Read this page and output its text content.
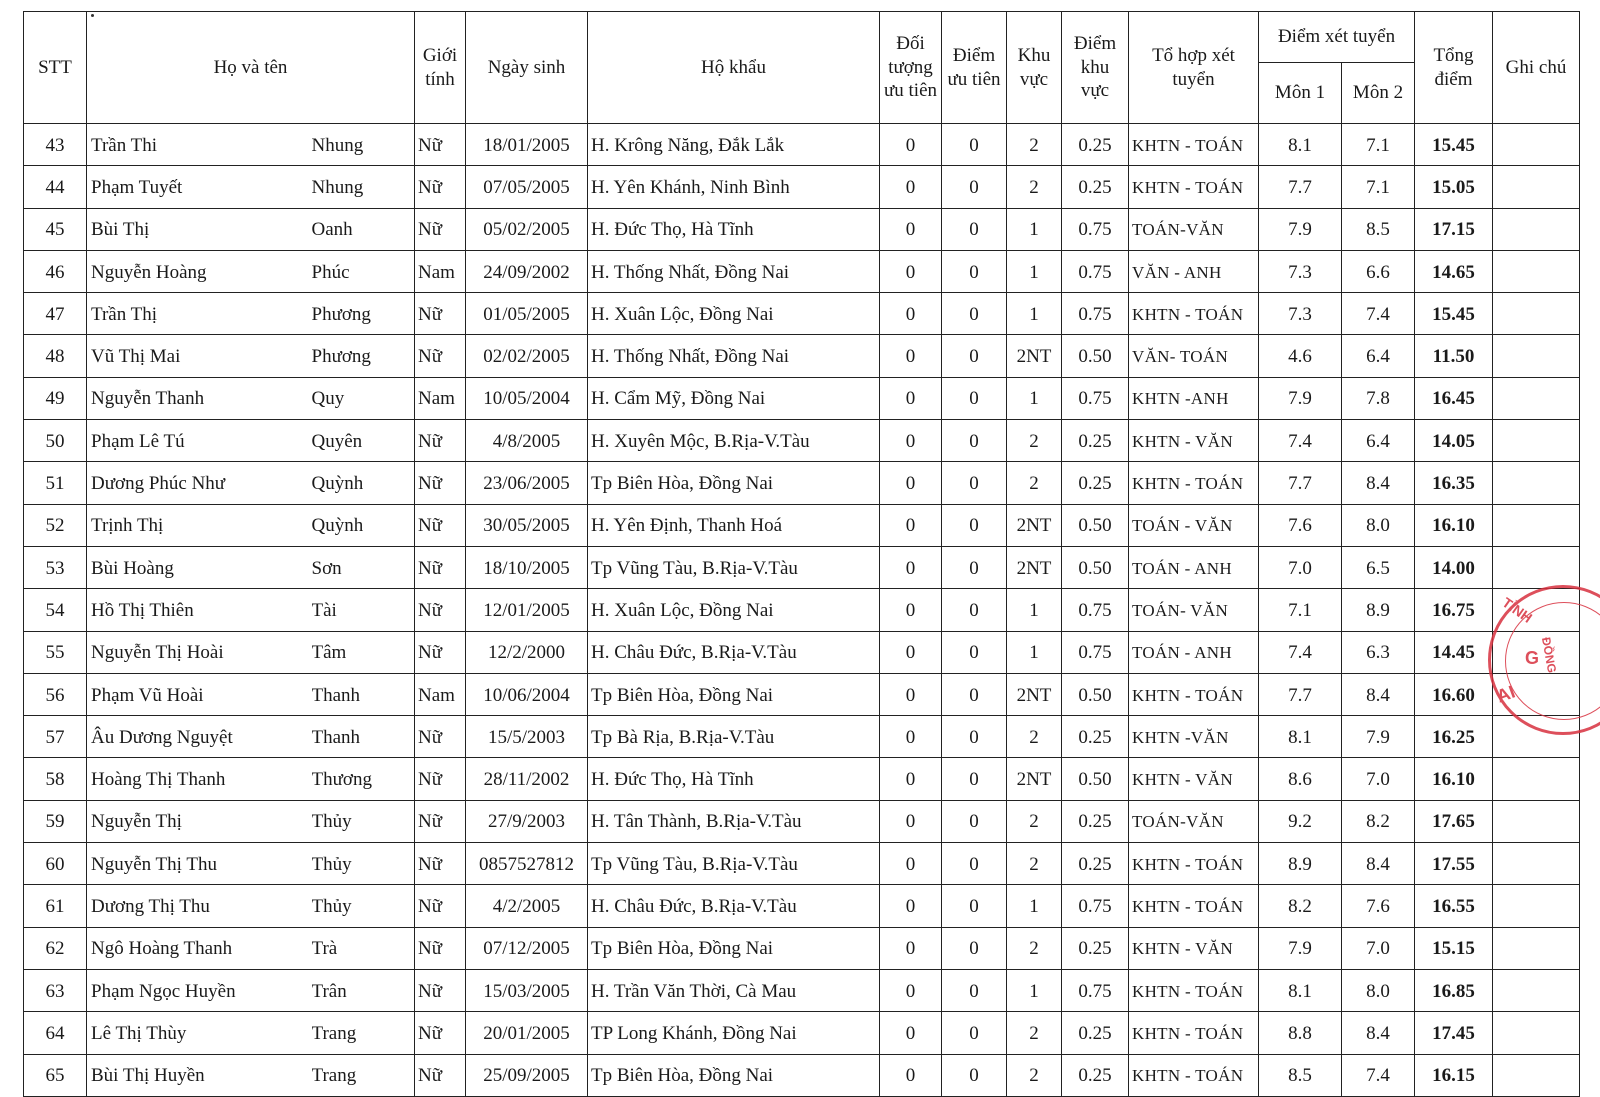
STT	Họ và tên		Giới tính	Ngày sinh	Hộ khẩu	Đối tượng ưu tiên	Điểm ưu tiên	Khu vực	Điểm khu vực	Tổ hợp xét tuyển	Điểm xét tuyển		Tổng điểm	Ghi chú
											Môn 1	Môn 2		
43	Trần Thi	Nhung	Nữ	18/01/2005	H. Krông Năng, Đắk Lắk	0	0	2	0.25	KHTN - TOÁN	8.1	7.1	15.45	
44	Phạm Tuyết	Nhung	Nữ	07/05/2005	H. Yên Khánh, Ninh Bình	0	0	2	0.25	KHTN - TOÁN	7.7	7.1	15.05	
45	Bùi Thị	Oanh	Nữ	05/02/2005	H. Đức Thọ, Hà Tĩnh	0	0	1	0.75	TOÁN-VĂN	7.9	8.5	17.15	
46	Nguyễn Hoàng	Phúc	Nam	24/09/2002	H. Thống Nhất, Đồng Nai	0	0	1	0.75	VĂN - ANH	7.3	6.6	14.65	
47	Trần Thị	Phương	Nữ	01/05/2005	H. Xuân Lộc, Đồng Nai	0	0	1	0.75	KHTN - TOÁN	7.3	7.4	15.45	
48	Vũ Thị Mai	Phương	Nữ	02/02/2005	H. Thống Nhất, Đồng Nai	0	0	2NT	0.50	VĂN- TOÁN	4.6	6.4	11.50	
49	Nguyễn Thanh	Quy	Nam	10/05/2004	H. Cẩm Mỹ, Đồng Nai	0	0	1	0.75	KHTN -ANH	7.9	7.8	16.45	
50	Phạm Lê Tú	Quyên	Nữ	4/8/2005	H. Xuyên Mộc, B.Rịa-V.Tàu	0	0	2	0.25	KHTN - VĂN	7.4	6.4	14.05	
51	Dương Phúc Như	Quỳnh	Nữ	23/06/2005	Tp Biên Hòa, Đồng Nai	0	0	2	0.25	KHTN - TOÁN	7.7	8.4	16.35	
52	Trịnh Thị	Quỳnh	Nữ	30/05/2005	H. Yên Định, Thanh Hoá	0	0	2NT	0.50	TOÁN - VĂN	7.6	8.0	16.10	
53	Bùi Hoàng	Sơn	Nữ	18/10/2005	Tp Vũng Tàu, B.Rịa-V.Tàu	0	0	2NT	0.50	TOÁN - ANH	7.0	6.5	14.00	
54	Hồ Thị Thiên	Tài	Nữ	12/01/2005	H. Xuân Lộc, Đồng Nai	0	0	1	0.75	TOÁN- VĂN	7.1	8.9	16.75	
55	Nguyễn Thị Hoài	Tâm	Nữ	12/2/2000	H. Châu Đức, B.Rịa-V.Tàu	0	0	1	0.75	TOÁN - ANH	7.4	6.3	14.45	
56	Phạm Vũ Hoài	Thanh	Nam	10/06/2004	Tp Biên Hòa, Đồng Nai	0	0	2NT	0.50	KHTN - TOÁN	7.7	8.4	16.60	
57	Âu Dương Nguyệt	Thanh	Nữ	15/5/2003	Tp Bà Rịa, B.Rịa-V.Tàu	0	0	2	0.25	KHTN -VĂN	8.1	7.9	16.25	
58	Hoàng Thị Thanh	Thương	Nữ	28/11/2002	H. Đức Thọ, Hà Tĩnh	0	0	2NT	0.50	KHTN - VĂN	8.6	7.0	16.10	
59	Nguyễn Thị	Thủy	Nữ	27/9/2003	H. Tân Thành, B.Rịa-V.Tàu	0	0	2	0.25	TOÁN-VĂN	9.2	8.2	17.65	
60	Nguyễn Thị Thu	Thủy	Nữ	0857527812	Tp Vũng Tàu, B.Rịa-V.Tàu	0	0	2	0.25	KHTN - TOÁN	8.9	8.4	17.55	
61	Dương Thị Thu	Thủy	Nữ	4/2/2005	H. Châu Đức, B.Rịa-V.Tàu	0	0	1	0.75	KHTN - TOÁN	8.2	7.6	16.55	
62	Ngô Hoàng Thanh	Trà	Nữ	07/12/2005	Tp Biên Hòa, Đồng Nai	0	0	2	0.25	KHTN - VĂN	7.9	7.0	15.15	
63	Phạm Ngọc Huyền	Trân	Nữ	15/03/2005	H. Trần Văn Thời, Cà Mau	0	0	1	0.75	KHTN - TOÁN	8.1	8.0	16.85	
64	Lê Thị Thùy	Trang	Nữ	20/01/2005	TP Long Khánh, Đồng Nai	0	0	2	0.25	KHTN - TOÁN	8.8	8.4	17.45	
65	Bùi Thị Huyền	Trang	Nữ	25/09/2005	Tp Biên Hòa, Đồng Nai	0	0	2	0.25	KHTN - TOÁN	8.5	7.4	16.15	
TỈNH
G
AI
ĐỒNG
